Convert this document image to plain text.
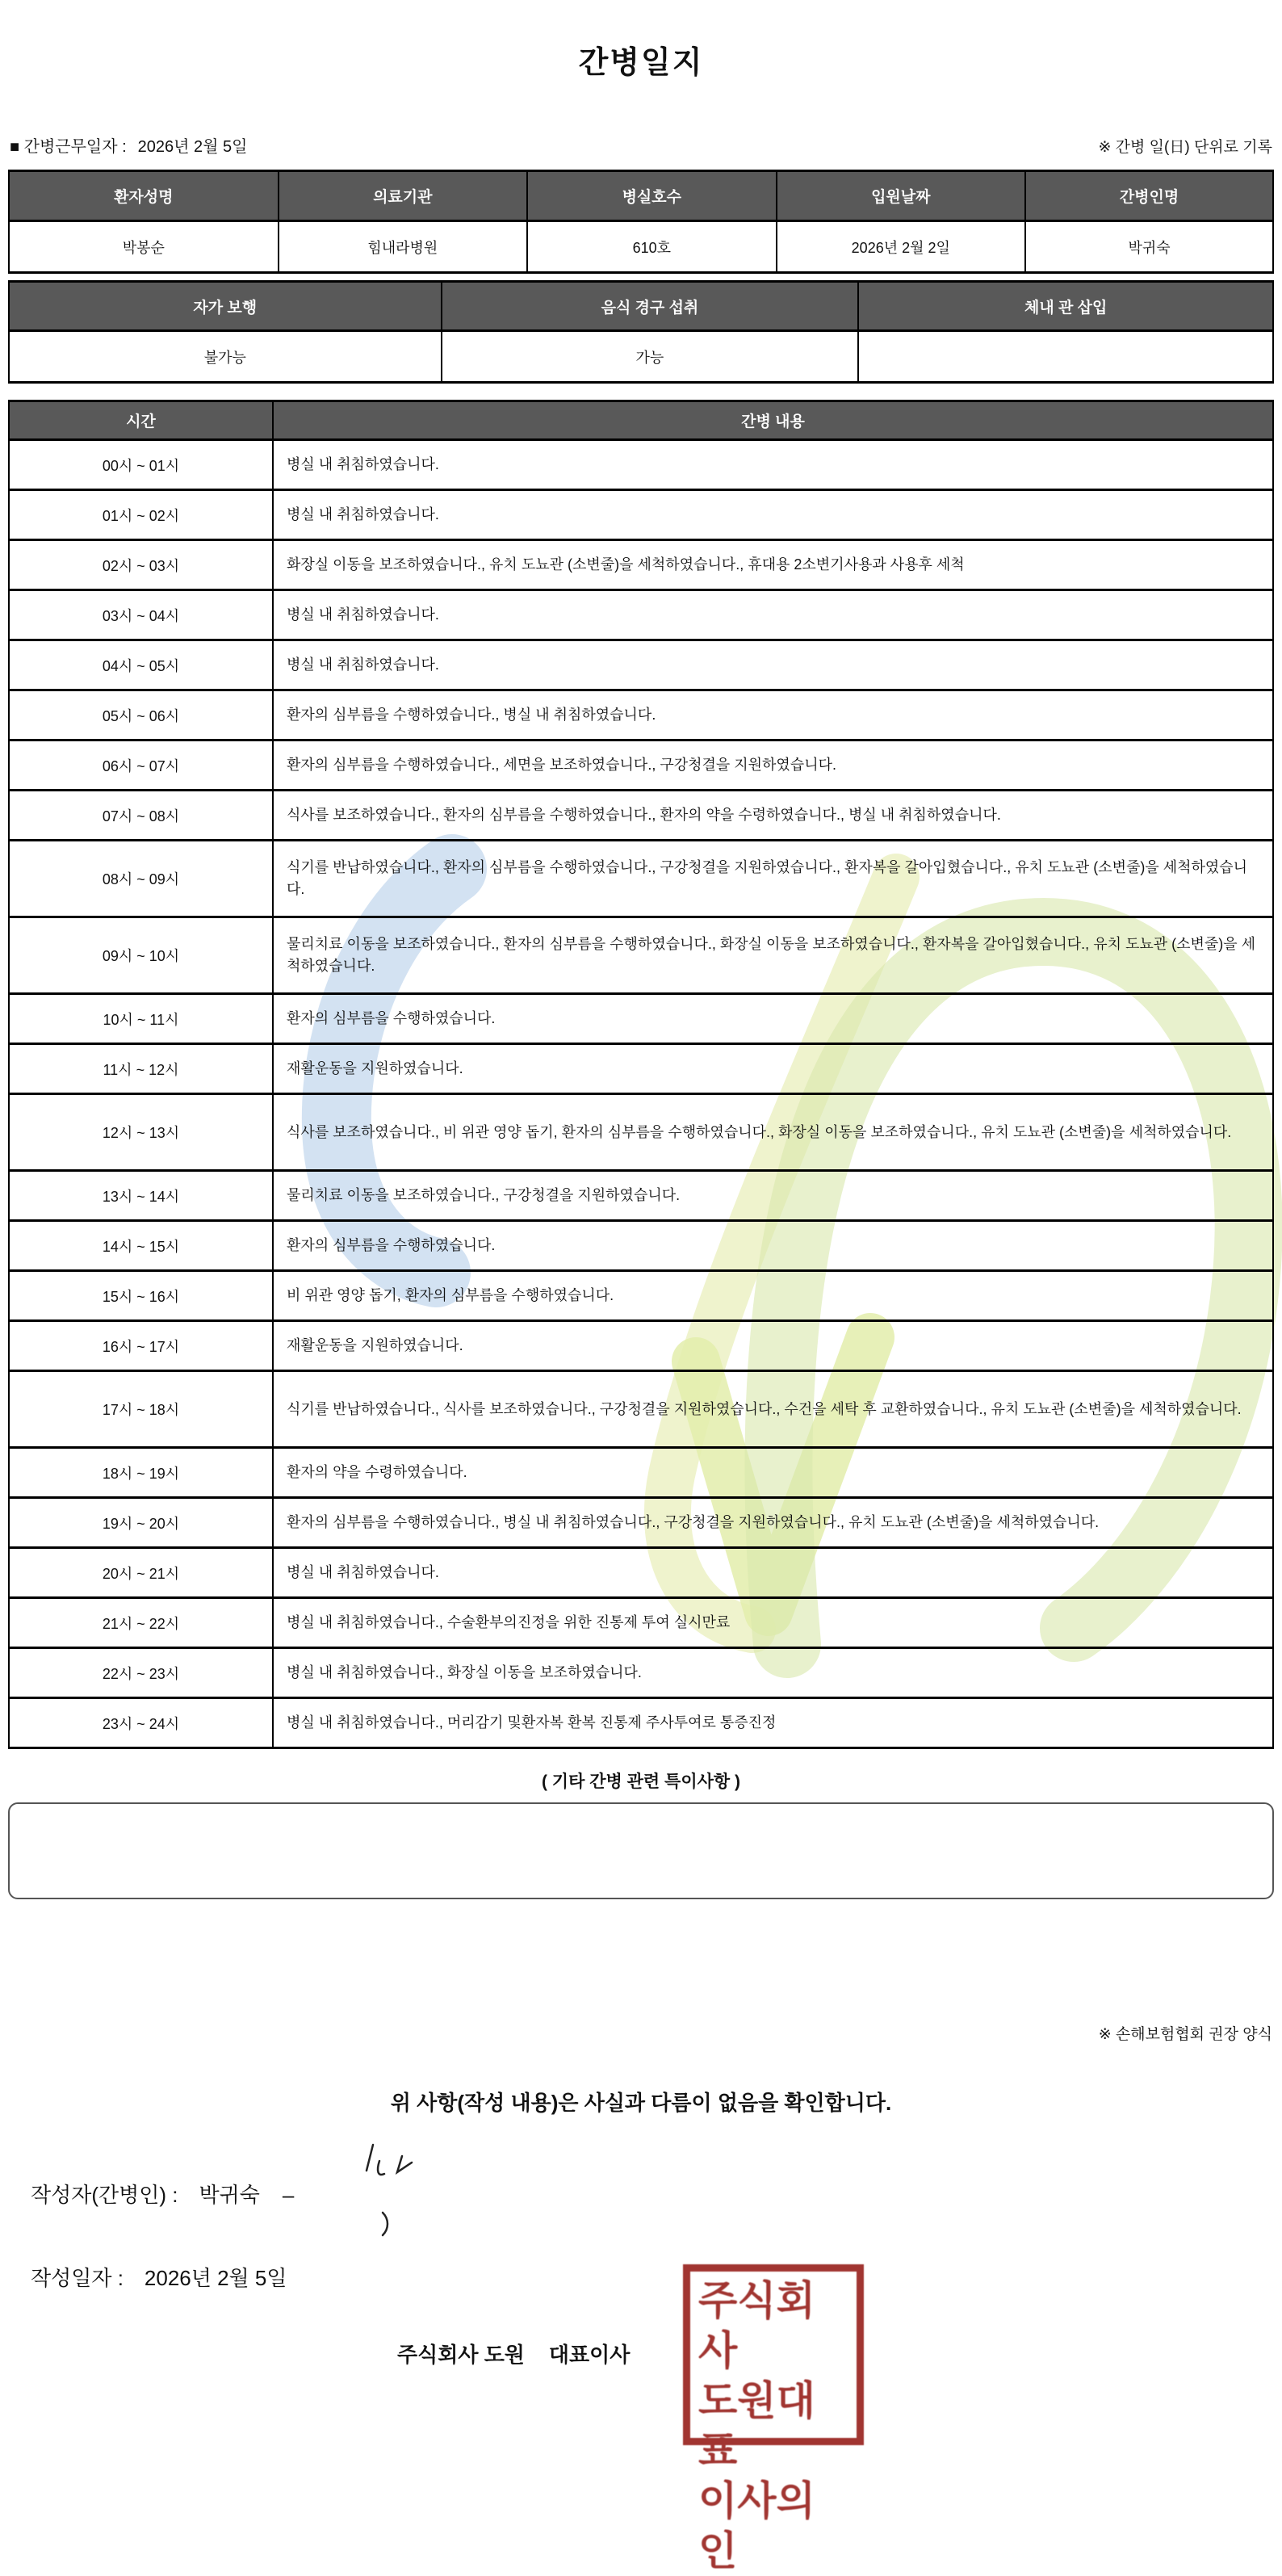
간병일지
■ 간병근무일자 : 2026년 2월 5일	※ 간병 일(日) 단위로 기록
환자성명	의료기관	병실호수	입원날짜	간병인명
박봉순	힘내라병원	610호	2026년 2월 2일	박귀숙
자가 보행	음식 경구 섭취	체내 관 삽입
불가능	가능	
시간	간병 내용
00시 ~ 01시	병실 내 취침하였습니다.
01시 ~ 02시	병실 내 취침하였습니다.
02시 ~ 03시	화장실 이동을 보조하였습니다., 유치 도뇨관 (소변줄)을 세척하였습니다., 휴대용 2소변기사용과 사용후 세척
03시 ~ 04시	병실 내 취침하였습니다.
04시 ~ 05시	병실 내 취침하였습니다.
05시 ~ 06시	환자의 심부름을 수행하였습니다., 병실 내 취침하였습니다.
06시 ~ 07시	환자의 심부름을 수행하였습니다., 세면을 보조하였습니다., 구강청결을 지원하였습니다.
07시 ~ 08시	식사를 보조하였습니다., 환자의 심부름을 수행하였습니다., 환자의 약을 수령하였습니다., 병실 내 취침하였습니다.
08시 ~ 09시	식기를 반납하였습니다., 환자의 심부름을 수행하였습니다., 구강청결을 지원하였습니다., 환자복을 갈아입혔습니다., 유치 도뇨관 (소변줄)을 세척하였습니다.
09시 ~ 10시	물리치료 이동을 보조하였습니다., 환자의 심부름을 수행하였습니다., 화장실 이동을 보조하였습니다., 환자복을 갈아입혔습니다., 유치 도뇨관 (소변줄)을 세척하였습니다.
10시 ~ 11시	환자의 심부름을 수행하였습니다.
11시 ~ 12시	재활운동을 지원하였습니다.
12시 ~ 13시	식사를 보조하였습니다., 비 위관 영양 돕기, 환자의 심부름을 수행하였습니다., 화장실 이동을 보조하였습니다., 유치 도뇨관 (소변줄)을 세척하였습니다.
13시 ~ 14시	물리치료 이동을 보조하였습니다., 구강청결을 지원하였습니다.
14시 ~ 15시	환자의 심부름을 수행하였습니다.
15시 ~ 16시	비 위관 영양 돕기, 환자의 심부름을 수행하였습니다.
16시 ~ 17시	재활운동을 지원하였습니다.
17시 ~ 18시	식기를 반납하였습니다., 식사를 보조하였습니다., 구강청결을 지원하였습니다., 수건을 세탁 후 교환하였습니다., 유치 도뇨관 (소변줄)을 세척하였습니다.
18시 ~ 19시	환자의 약을 수령하였습니다.
19시 ~ 20시	환자의 심부름을 수행하였습니다., 병실 내 취침하였습니다., 구강청결을 지원하였습니다., 유치 도뇨관 (소변줄)을 세척하였습니다.
20시 ~ 21시	병실 내 취침하였습니다.
21시 ~ 22시	병실 내 취침하였습니다., 수술환부의진정을 위한 진통제 투여 실시만료
22시 ~ 23시	병실 내 취침하였습니다., 화장실 이동을 보조하였습니다.
23시 ~ 24시	병실 내 취침하였습니다., 머리감기 및환자복 환복 진통제 주사투여로 통증진정
( 기타 간병 관련 특이사항 )
※ 손해보험협회 권장 양식
위 사항(작성 내용)은 사실과 다름이 없음을 확인합니다.
작성자(간병인) : 박귀숙 –
작성일자 : 2026년 2월 5일
주식회사 도원 대표이사
주식회사
도원대표
이사의인
